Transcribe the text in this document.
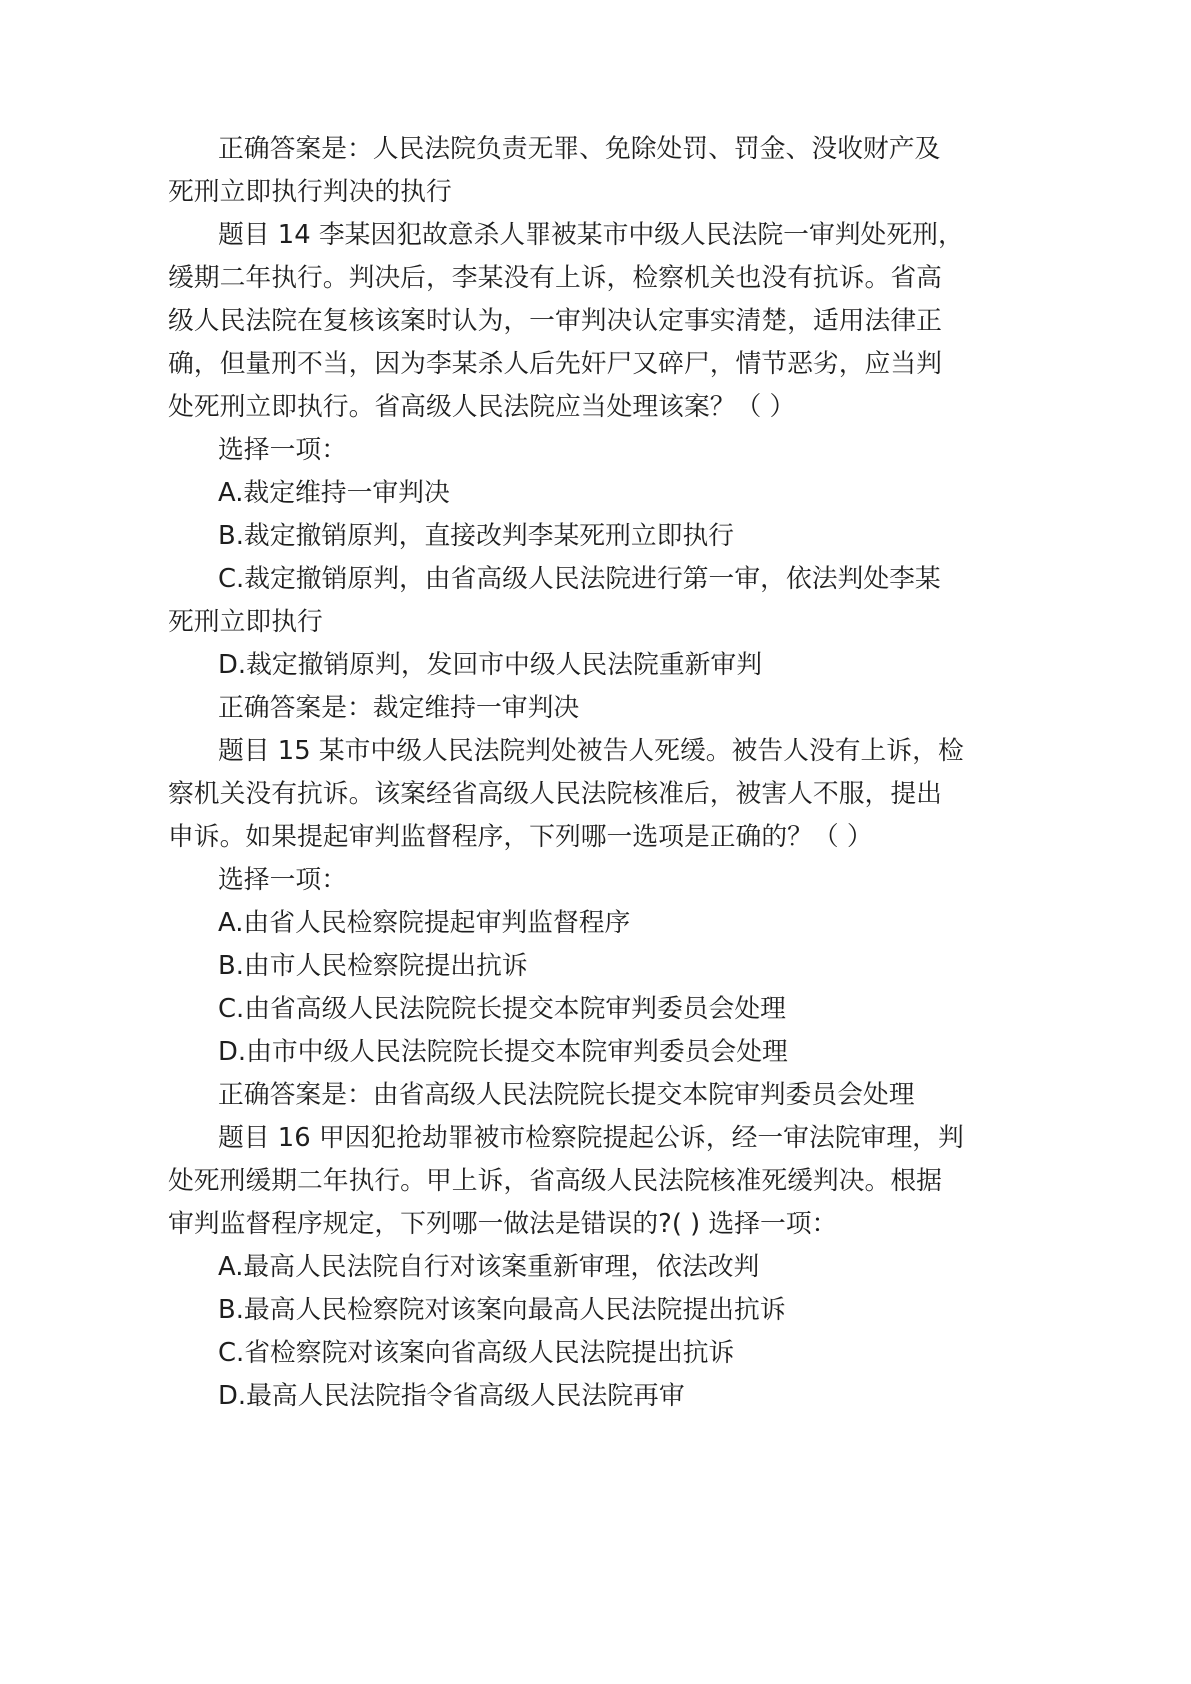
正确答案是：人民法院负责无罪、免除处罚、罚金、没收财产及
死刑立即执行判决的执行
题目 14 李某因犯故意杀人罪被某市中级人民法院一审判处死刑，
缓期二年执行。判决后，李某没有上诉，检察机关也没有抗诉。省高
级人民法院在复核该案时认为，一审判决认定事实清楚，适用法律正
确，但量刑不当，因为李某杀人后先奸尸又碎尸，情节恶劣，应当判
处死刑立即执行。省高级人民法院应当处理该案？（ ）
选择一项：
A.裁定维持一审判决
B.裁定撤销原判，直接改判李某死刑立即执行
C.裁定撤销原判，由省高级人民法院进行第一审，依法判处李某
死刑立即执行
D.裁定撤销原判，发回市中级人民法院重新审判
正确答案是：裁定维持一审判决
题目 15 某市中级人民法院判处被告人死缓。被告人没有上诉，检
察机关没有抗诉。该案经省高级人民法院核准后，被害人不服，提出
申诉。如果提起审判监督程序，下列哪一选项是正确的？（ ）
选择一项：
A.由省人民检察院提起审判监督程序
B.由市人民检察院提出抗诉
C.由省高级人民法院院长提交本院审判委员会处理
D.由市中级人民法院院长提交本院审判委员会处理
正确答案是：由省高级人民法院院长提交本院审判委员会处理
题目 16 甲因犯抢劫罪被市检察院提起公诉，经一审法院审理，判
处死刑缓期二年执行。甲上诉，省高级人民法院核准死缓判决。根据
审判监督程序规定，下列哪一做法是错误的?( ) 选择一项：
A.最高人民法院自行对该案重新审理，依法改判
B.最高人民检察院对该案向最高人民法院提出抗诉
C.省检察院对该案向省高级人民法院提出抗诉
D.最高人民法院指令省高级人民法院再审
